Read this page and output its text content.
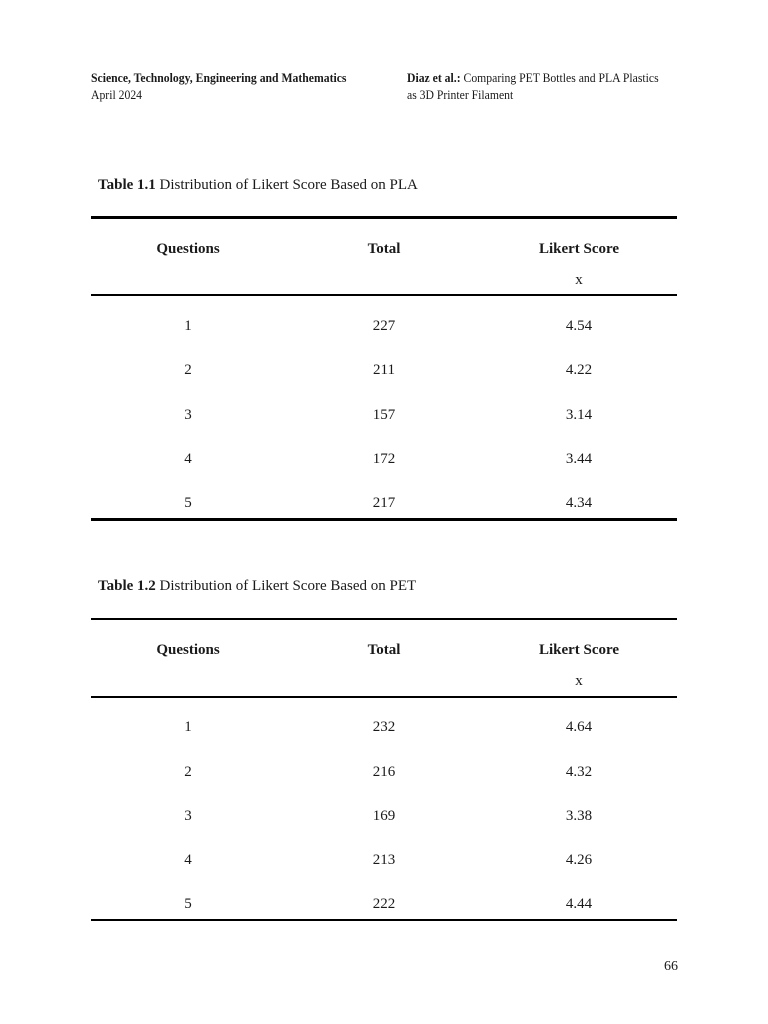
Science, Technology, Engineering and Mathematics
April 2024
Diaz et al.: Comparing PET Bottles and PLA Plastics
as 3D Printer Filament
Table 1.1 Distribution of Likert Score Based on PLA
Questions	Total	Likert Score
x
1	227	4.54
2	211	4.22
3	157	3.14
4	172	3.44
5	217	4.34
Table 1.2 Distribution of Likert Score Based on PET
Questions	Total	Likert Score
x
1	232	4.64
2	216	4.32
3	169	3.38
4	213	4.26
5	222	4.44
66
